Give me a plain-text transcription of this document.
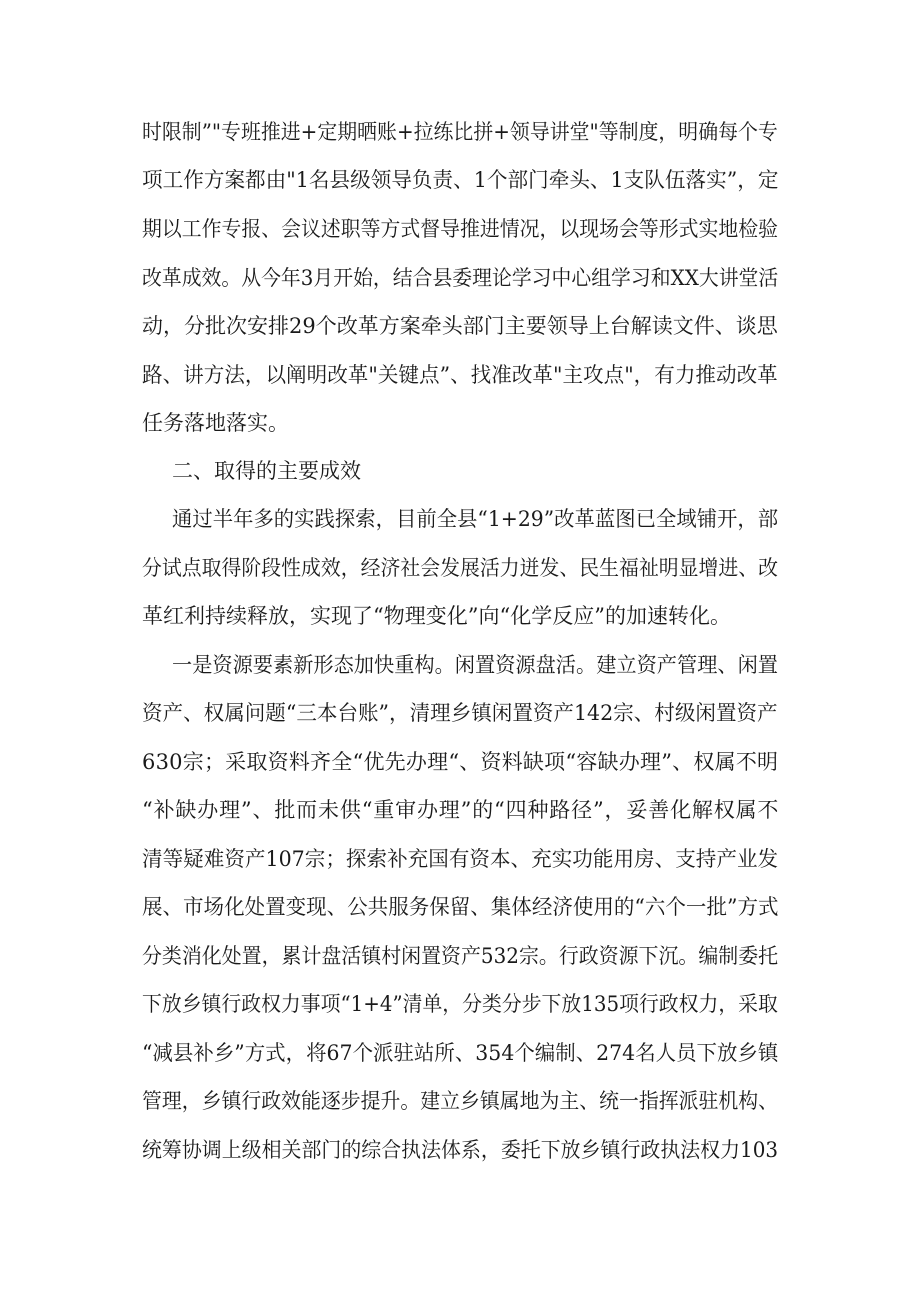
时限制”"专班推进+定期晒账+拉练比拼+领导讲堂"等制度，明确每个专
项工作方案都由"1名县级领导负责、1个部门牵头、1支队伍落实”，定
期以工作专报、会议述职等方式督导推进情况，以现场会等形式实地检验
改革成效。从今年3月开始，结合县委理论学习中心组学习和XX大讲堂活
动，分批次安排29个改革方案牵头部门主要领导上台解读文件、谈思
路、讲方法，以阐明改革"关键点”、找准改革"主攻点"，有力推动改革
任务落地落实。
二、取得的主要成效
通过半年多的实践探索，目前全县“1+29”改革蓝图已全域铺开，部
分试点取得阶段性成效，经济社会发展活力迸发、民生福祉明显增进、改
革红利持续释放，实现了“物理变化”向“化学反应”的加速转化。
一是资源要素新形态加快重构。闲置资源盘活。建立资产管理、闲置
资产、权属问题“三本台账”，清理乡镇闲置资产142宗、村级闲置资产
630宗；采取资料齐全“优先办理“、资料缺项“容缺办理”、权属不明
“补缺办理”、批而未供“重审办理”的“四种路径”，妥善化解权属不
清等疑难资产107宗；探索补充国有资本、充实功能用房、支持产业发
展、市场化处置变现、公共服务保留、集体经济使用的“六个一批”方式
分类消化处置，累计盘活镇村闲置资产532宗。行政资源下沉。编制委托
下放乡镇行政权力事项“1+4”清单，分类分步下放135项行政权力，采取
“减县补乡”方式，将67个派驻站所、354个编制、274名人员下放乡镇
管理，乡镇行政效能逐步提升。建立乡镇属地为主、统一指挥派驻机构、
统筹协调上级相关部门的综合执法体系，委托下放乡镇行政执法权力103
